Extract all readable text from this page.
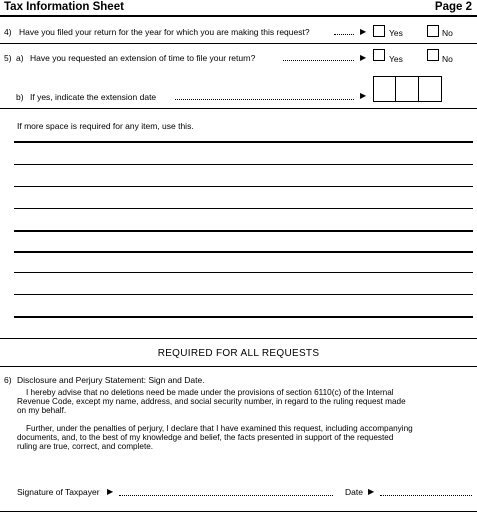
Tax Information Sheet	Page 2
4) Have you filed your return for the year for which you are making this request?	▶	Yes	No
5) a) Have you requested an extension of time to file your return?	▶	Yes	No
b) If yes, indicate the extension date	▶
If more space is required for any item, use this.
REQUIRED FOR ALL REQUESTS
6) Disclosure and Perjury Statement: Sign and Date.
I hereby advise that no deletions need be made under the provisions of section 6110(c) of the Internal
Revenue Code, except my name, address, and social security number, in regard to the ruling request made
on my behalf.
Further, under the penalties of perjury, I declare that I have examined this request, including accompanying
documents, and, to the best of my knowledge and belief, the facts presented in support of the requested
ruling are true, correct, and complete.
Signature of Taxpayer ▶	Date ▶
